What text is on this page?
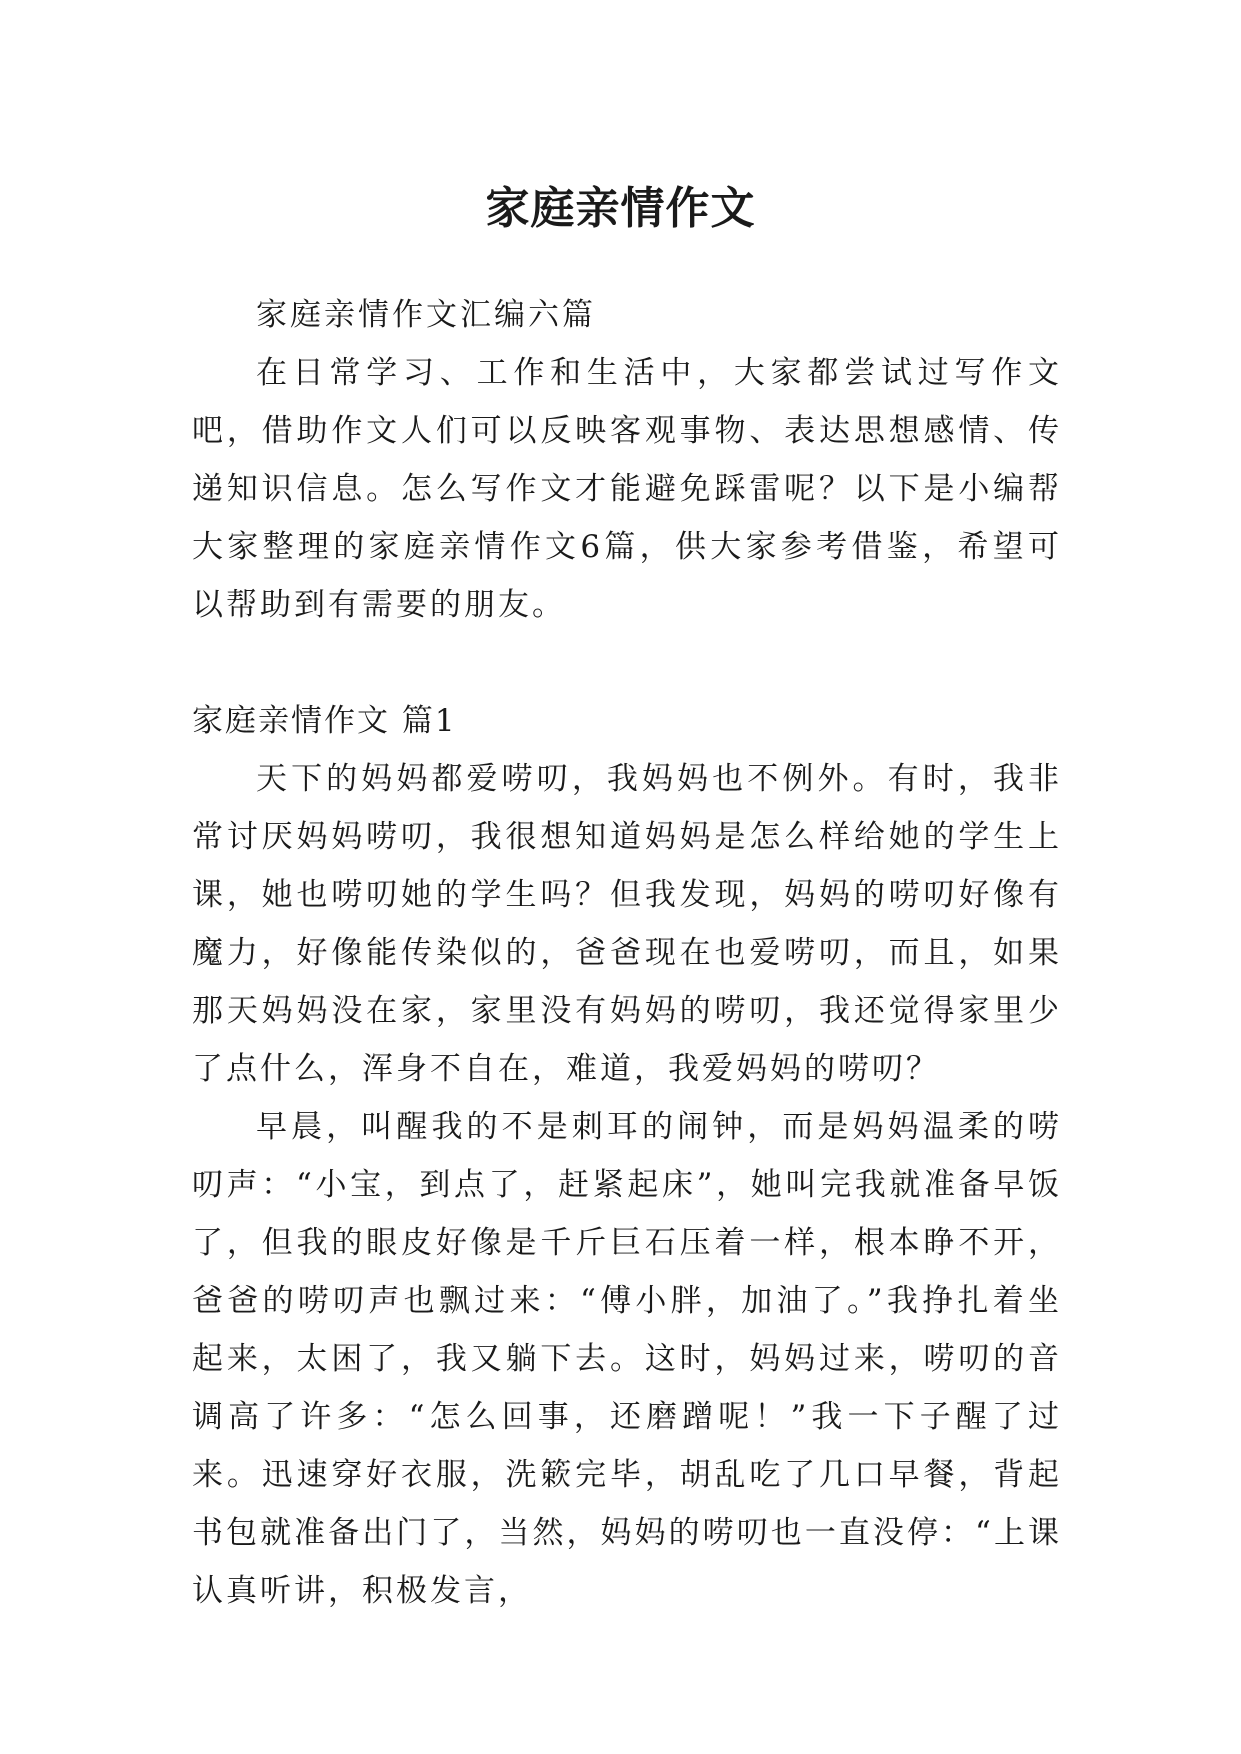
家庭亲情作文

家庭亲情作文汇编六篇

在日常学习、工作和生活中，大家都尝试过写作文吧，借助作文人们可以反映客观事物、表达思想感情、传递知识信息。怎么写作文才能避免踩雷呢？以下是小编帮大家整理的家庭亲情作文6篇，供大家参考借鉴，希望可以帮助到有需要的朋友。

家庭亲情作文 篇1

天下的妈妈都爱唠叨，我妈妈也不例外。有时，我非常讨厌妈妈唠叨，我很想知道妈妈是怎么样给她的学生上课，她也唠叨她的学生吗？但我发现，妈妈的唠叨好像有魔力，好像能传染似的，爸爸现在也爱唠叨，而且，如果那天妈妈没在家，家里没有妈妈的唠叨，我还觉得家里少了点什么，浑身不自在，难道，我爱妈妈的唠叨？

早晨，叫醒我的不是刺耳的闹钟，而是妈妈温柔的唠叨声：“小宝，到点了，赶紧起床”，她叫完我就准备早饭了，但我的眼皮好像是千斤巨石压着一样，根本睁不开，爸爸的唠叨声也飘过来：“傅小胖，加油了。”我挣扎着坐起来，太困了，我又躺下去。这时，妈妈过来，唠叨的音调高了许多：“怎么回事，还磨蹭呢！”我一下子醒了过来。迅速穿好衣服，洗簌完毕，胡乱吃了几口早餐，背起书包就准备出门了，当然，妈妈的唠叨也一直没停：“上课认真听讲，积极发言，
